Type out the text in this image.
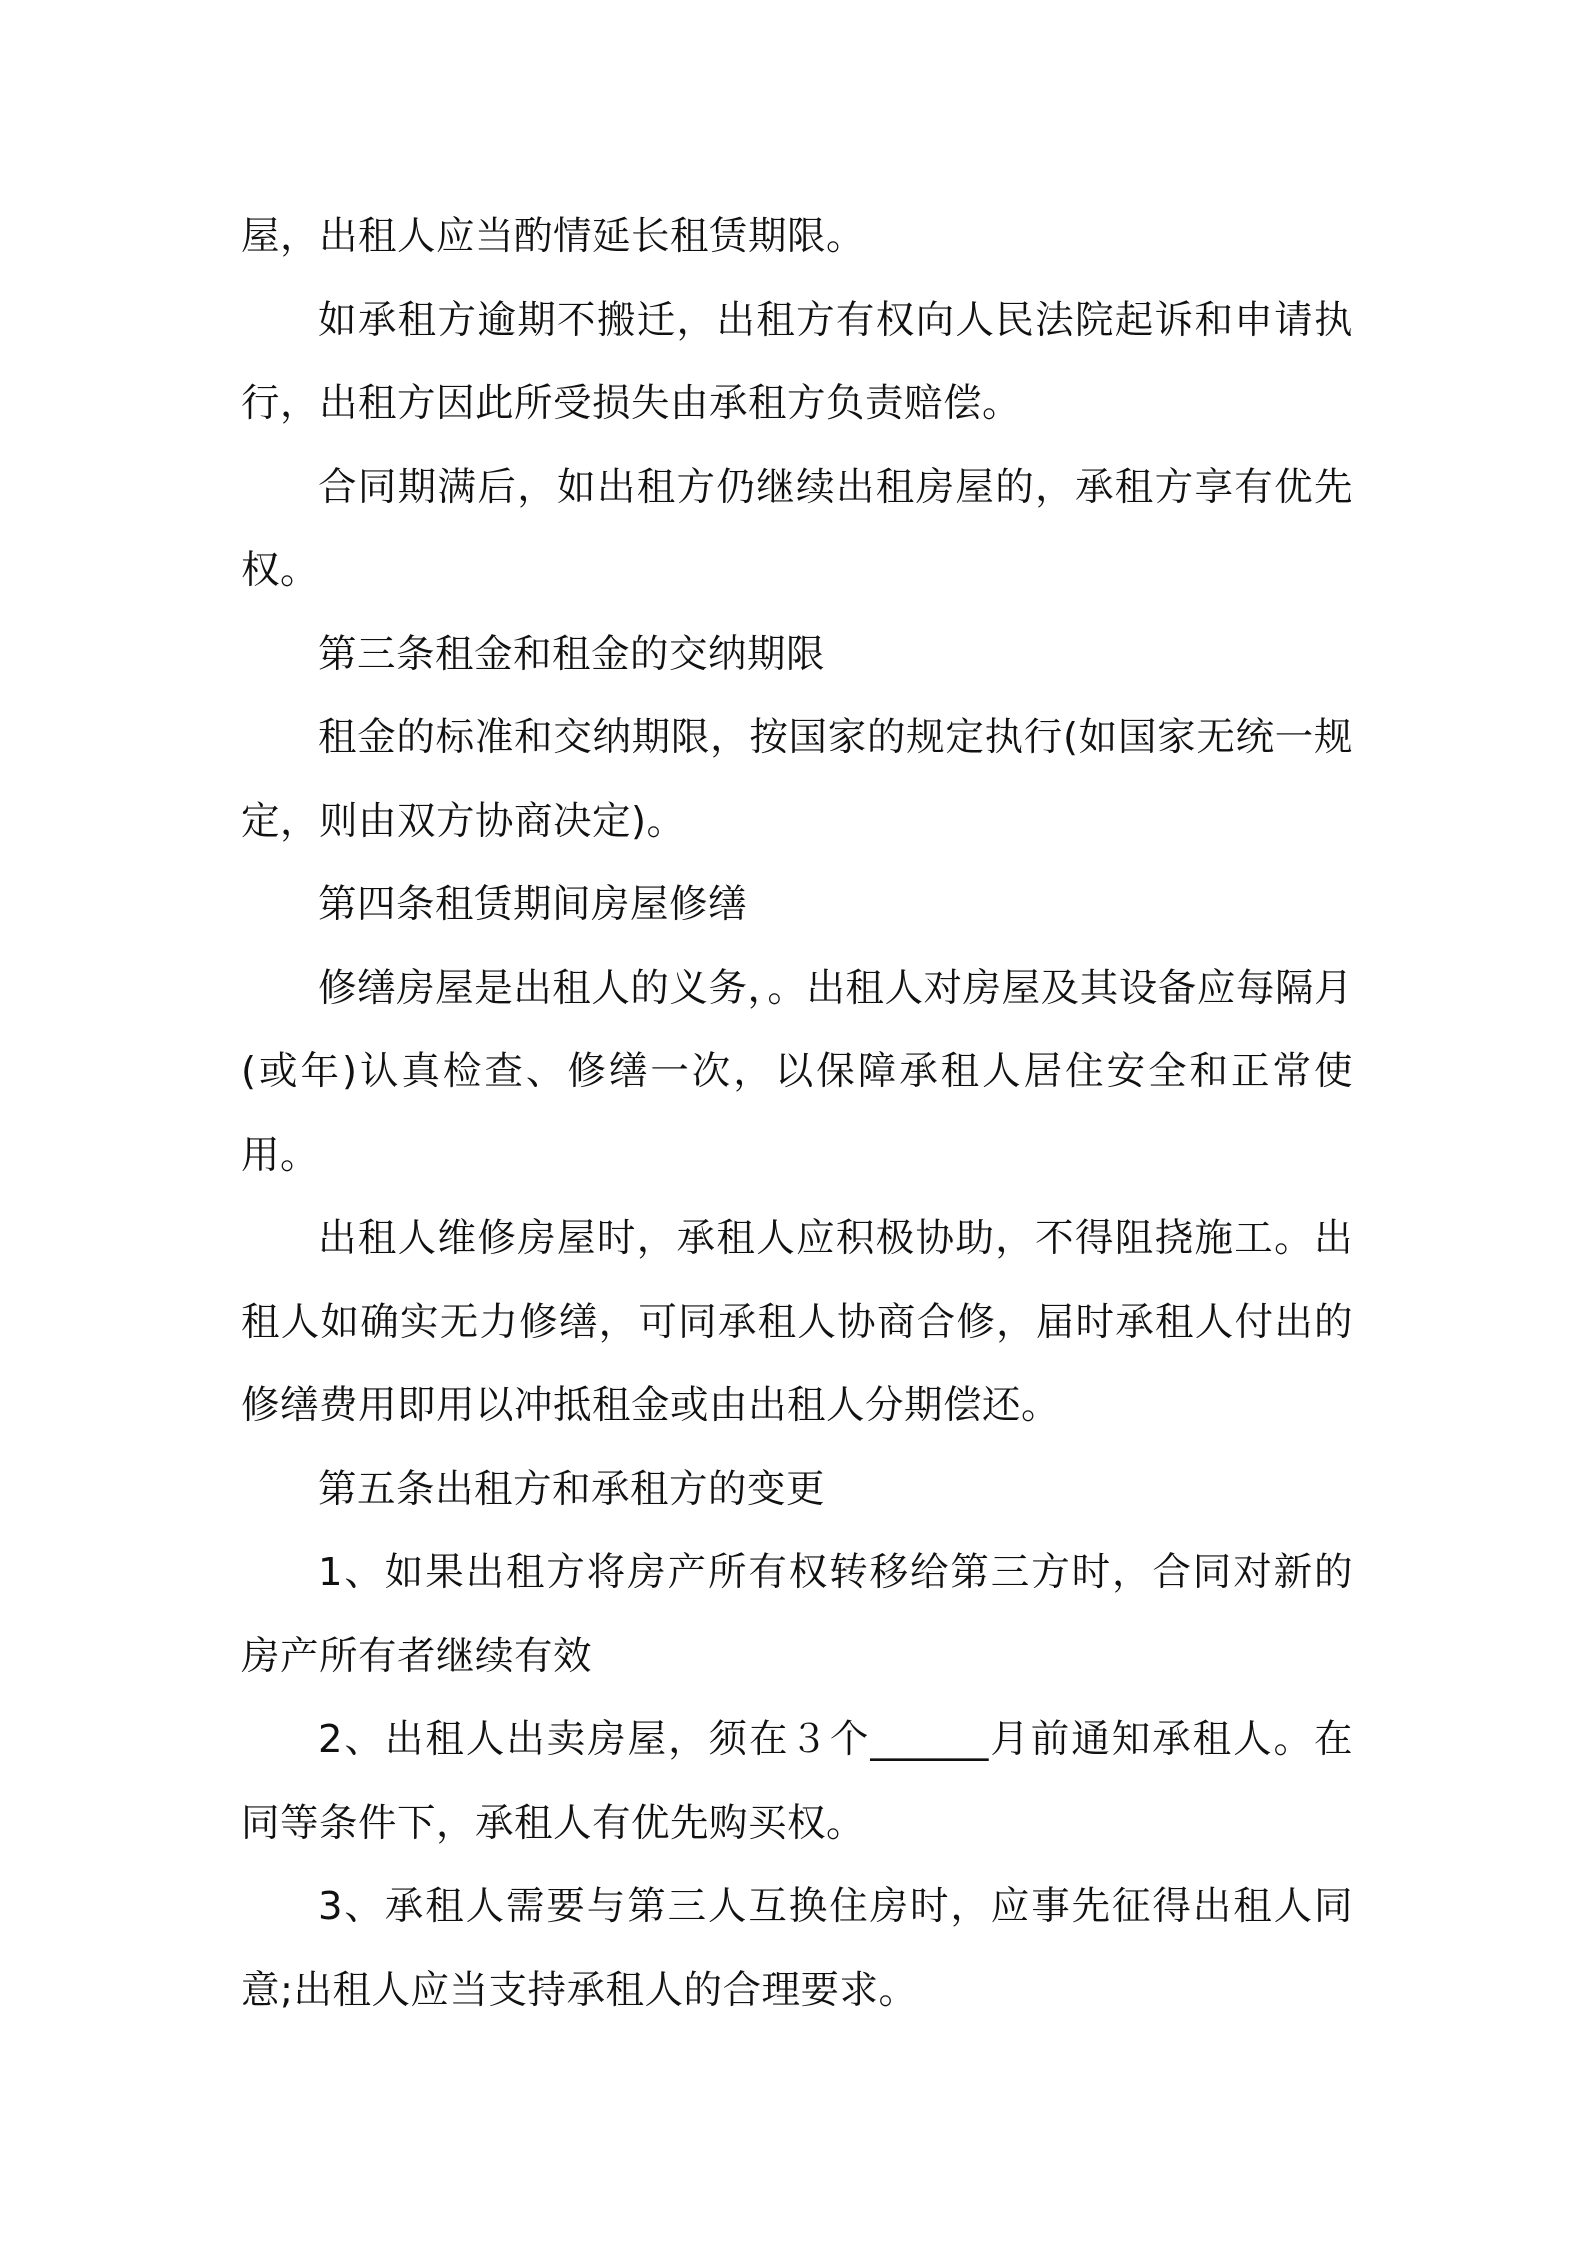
屋，出租人应当酌情延长租赁期限。

如承租方逾期不搬迁，出租方有权向人民法院起诉和申请执行，出租方因此所受损失由承租方负责赔偿。

合同期满后，如出租方仍继续出租房屋的，承租方享有优先权。

第三条租金和租金的交纳期限

租金的标准和交纳期限，按国家的规定执行(如国家无统一规定，则由双方协商决定)。

第四条租赁期间房屋修缮

修缮房屋是出租人的义务，。出租人对房屋及其设备应每隔月(或年)认真检查、修缮一次，以保障承租人居住安全和正常使用。

出租人维修房屋时，承租人应积极协助，不得阻挠施工。出租人如确实无力修缮，可同承租人协商合修，届时承租人付出的修缮费用即用以冲抵租金或由出租人分期偿还。

第五条出租方和承租方的变更

1、如果出租方将房产所有权转移给第三方时，合同对新的房产所有者继续有效

2、出租人出卖房屋，须在３个______月前通知承租人。在同等条件下，承租人有优先购买权。

3、承租人需要与第三人互换住房时，应事先征得出租人同意;出租人应当支持承租人的合理要求。
